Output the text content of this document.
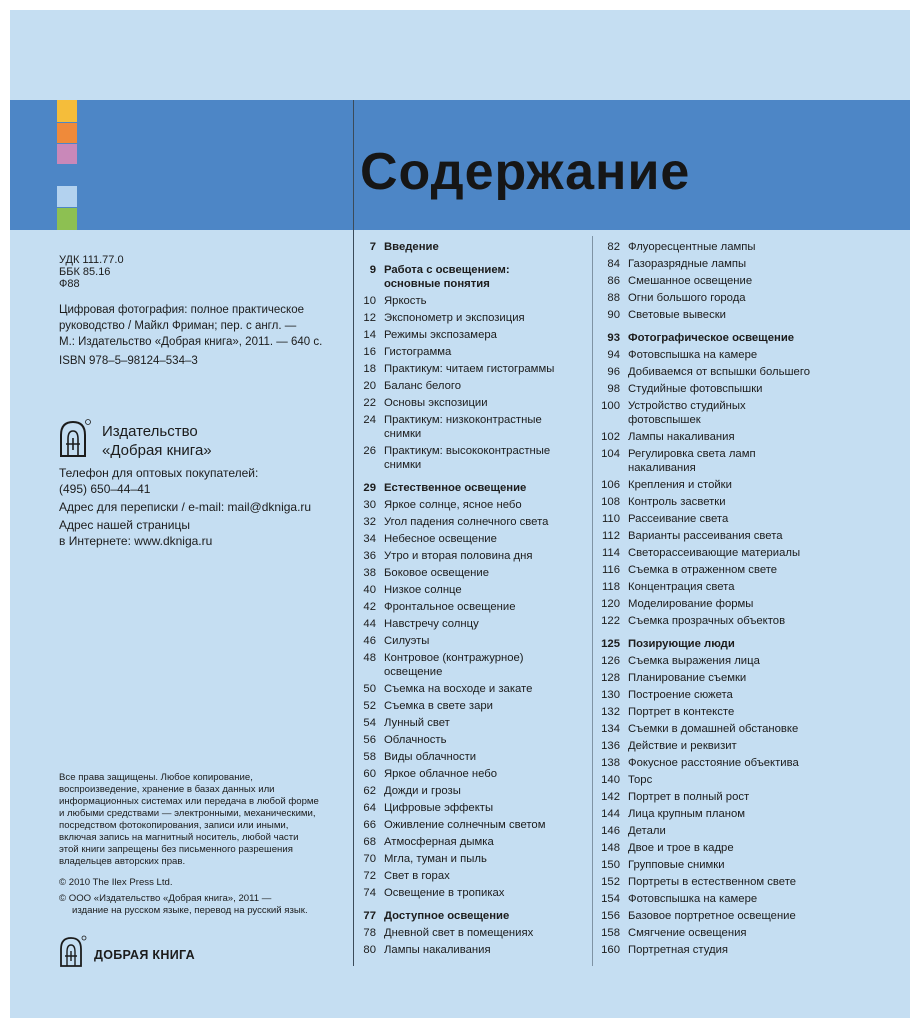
Содержание
УДК 111.77.0
ББК 85.16
Ф88
Цифровая фотография: полное практическое
руководство / Майкл Фриман; пер. с англ. —
М.: Издательство «Добрая книга», 2011. — 640 с.
ISBN 978–5–98124–534–3
Издательство
«Добрая книга»
Телефон для оптовых покупателей:
(495) 650–44–41
Адрес для переписки / e-mail: mail@dkniga.ru
Адрес нашей страницы
в Интернете: www.dkniga.ru
Все права защищены. Любое копирование,
воспроизведение, хранение в базах данных или
информационных системах или передача в любой форме
и любыми средствами — электронными, механическими,
посредством фотокопирования, записи или иными,
включая запись на магнитный носитель, любой части
этой книги запрещены без письменного разрешения
владельцев авторских прав.
© 2010 The Ilex Press Ltd.
© ООО «Издательство «Добрая книга», 2011 —
издание на русском языке, перевод на русский язык.
ДОБРАЯ КНИГА
7 Введение
9 Работа с освещением:
основные понятия
10 Яркость
12 Экспонометр и экспозиция
14 Режимы экспозамера
16 Гистограмма
18 Практикум: читаем гистограммы
20 Баланс белого
22 Основы экспозиции
24 Практикум: низкоконтрастные
снимки
26 Практикум: высококонтрастные
снимки
29 Естественное освещение
30 Яркое солнце, ясное небо
32 Угол падения солнечного света
34 Небесное освещение
36 Утро и вторая половина дня
38 Боковое освещение
40 Низкое солнце
42 Фронтальное освещение
44 Навстречу солнцу
46 Силуэты
48 Контровое (контражурное)
освещение
50 Съемка на восходе и закате
52 Съемка в свете зари
54 Лунный свет
56 Облачность
58 Виды облачности
60 Яркое облачное небо
62 Дожди и грозы
64 Цифровые эффекты
66 Оживление солнечным светом
68 Атмосферная дымка
70 Мгла, туман и пыль
72 Свет в горах
74 Освещение в тропиках
77 Доступное освещение
78 Дневной свет в помещениях
80 Лампы накаливания
82 Флуоресцентные лампы
84 Газоразрядные лампы
86 Смешанное освещение
88 Огни большого города
90 Световые вывески
93 Фотографическое освещение
94 Фотовспышка на камере
96 Добиваемся от вспышки большего
98 Студийные фотовспышки
100 Устройство студийных
фотовспышек
102 Лампы накаливания
104 Регулировка света ламп
накаливания
106 Крепления и стойки
108 Контроль засветки
110 Рассеивание света
112 Варианты рассеивания света
114 Светорассеивающие материалы
116 Съемка в отраженном свете
118 Концентрация света
120 Моделирование формы
122 Съемка прозрачных объектов
125 Позирующие люди
126 Съемка выражения лица
128 Планирование съемки
130 Построение сюжета
132 Портрет в контексте
134 Съемки в домашней обстановке
136 Действие и реквизит
138 Фокусное расстояние объектива
140 Торс
142 Портрет в полный рост
144 Лица крупным планом
146 Детали
148 Двое и трое в кадре
150 Групповые снимки
152 Портреты в естественном свете
154 Фотовспышка на камере
156 Базовое портретное освещение
158 Смягчение освещения
160 Портретная студия
